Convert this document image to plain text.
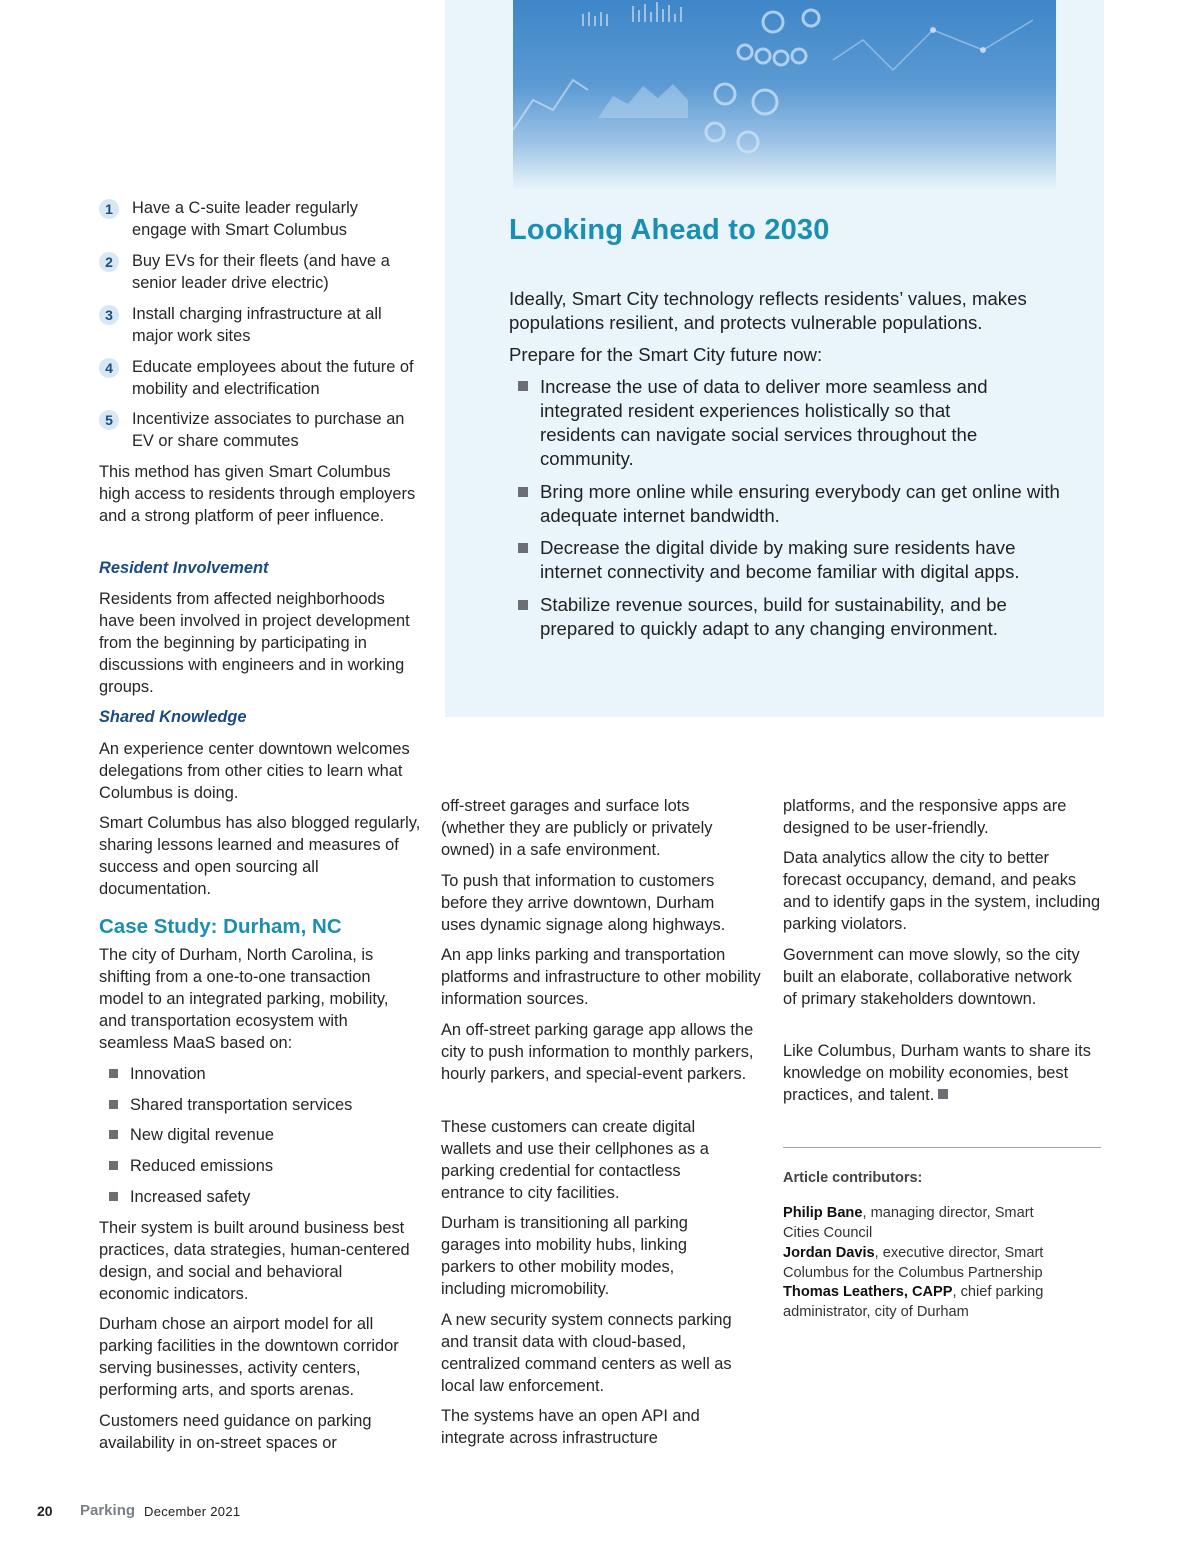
Looking Ahead to 2030

Ideally, Smart City technology reflects residents’ values, makes populations resilient, and protects vulnerable populations.

Prepare for the Smart City future now:

Increase the use of data to deliver more seamless and integrated resident experiences holistically so that residents can navigate social services throughout the community.

Bring more online while ensuring everybody can get online with adequate internet bandwidth.

Decrease the digital divide by making sure residents have internet connectivity and become familiar with digital apps.

Stabilize revenue sources, build for sustainability, and be prepared to quickly adapt to any changing environment.

1	Have a C-suite leader regularly engage with Smart Columbus

2	Buy EVs for their fleets (and have a senior leader drive electric)

3	Install charging infrastructure at all major work sites

4	Educate employees about the future of mobility and electrification

5	Incentivize associates to purchase an EV or share commutes

This method has given Smart Columbus high access to residents through employers and a strong platform of peer influence.

Resident Involvement

Residents from affected neighborhoods have been involved in project development from the beginning by participating in discussions with engineers and in working groups.

Shared Knowledge

An experience center downtown welcomes delegations from other cities to learn what Columbus is doing.

Smart Columbus has also blogged regularly, sharing lessons learned and measures of success and open sourcing all documentation.

Case Study: Durham, NC

The city of Durham, North Carolina, is shifting from a one-to-one transaction model to an integrated parking, mobility, and transportation ecosystem with seamless MaaS based on:

Innovation

Shared transportation services

New digital revenue

Reduced emissions

Increased safety

Their system is built around business best practices, data strategies, human-centered design, and social and behavioral economic indicators.

Durham chose an airport model for all parking facilities in the downtown corridor serving businesses, activity centers, performing arts, and sports arenas.

Customers need guidance on parking availability in on-street spaces or

off-street garages and surface lots (whether they are publicly or privately owned) in a safe environment.

To push that information to customers before they arrive downtown, Durham uses dynamic signage along highways.

An app links parking and transportation platforms and infrastructure to other mobility information sources.

An off-street parking garage app allows the city to push information to monthly parkers, hourly parkers, and special-event parkers.

These customers can create digital wallets and use their cellphones as a parking credential for contactless entrance to city facilities.

Durham is transitioning all parking garages into mobility hubs, linking parkers to other mobility modes, including micromobility.

A new security system connects parking and transit data with cloud-based, centralized command centers as well as local law enforcement.

The systems have an open API and integrate across infrastructure

platforms, and the responsive apps are designed to be user-friendly.

Data analytics allow the city to better forecast occupancy, demand, and peaks and to identify gaps in the system, including parking violators.

Government can move slowly, so the city built an elaborate, collaborative network of primary stakeholders downtown.

Like Columbus, Durham wants to share its knowledge on mobility economies, best practices, and talent.

Article contributors:

Philip Bane, managing director, Smart Cities Council

Jordan Davis, executive director, Smart Columbus for the Columbus Partnership

Thomas Leathers, CAPP, chief parking administrator, city of Durham

20 Parking December 2021
